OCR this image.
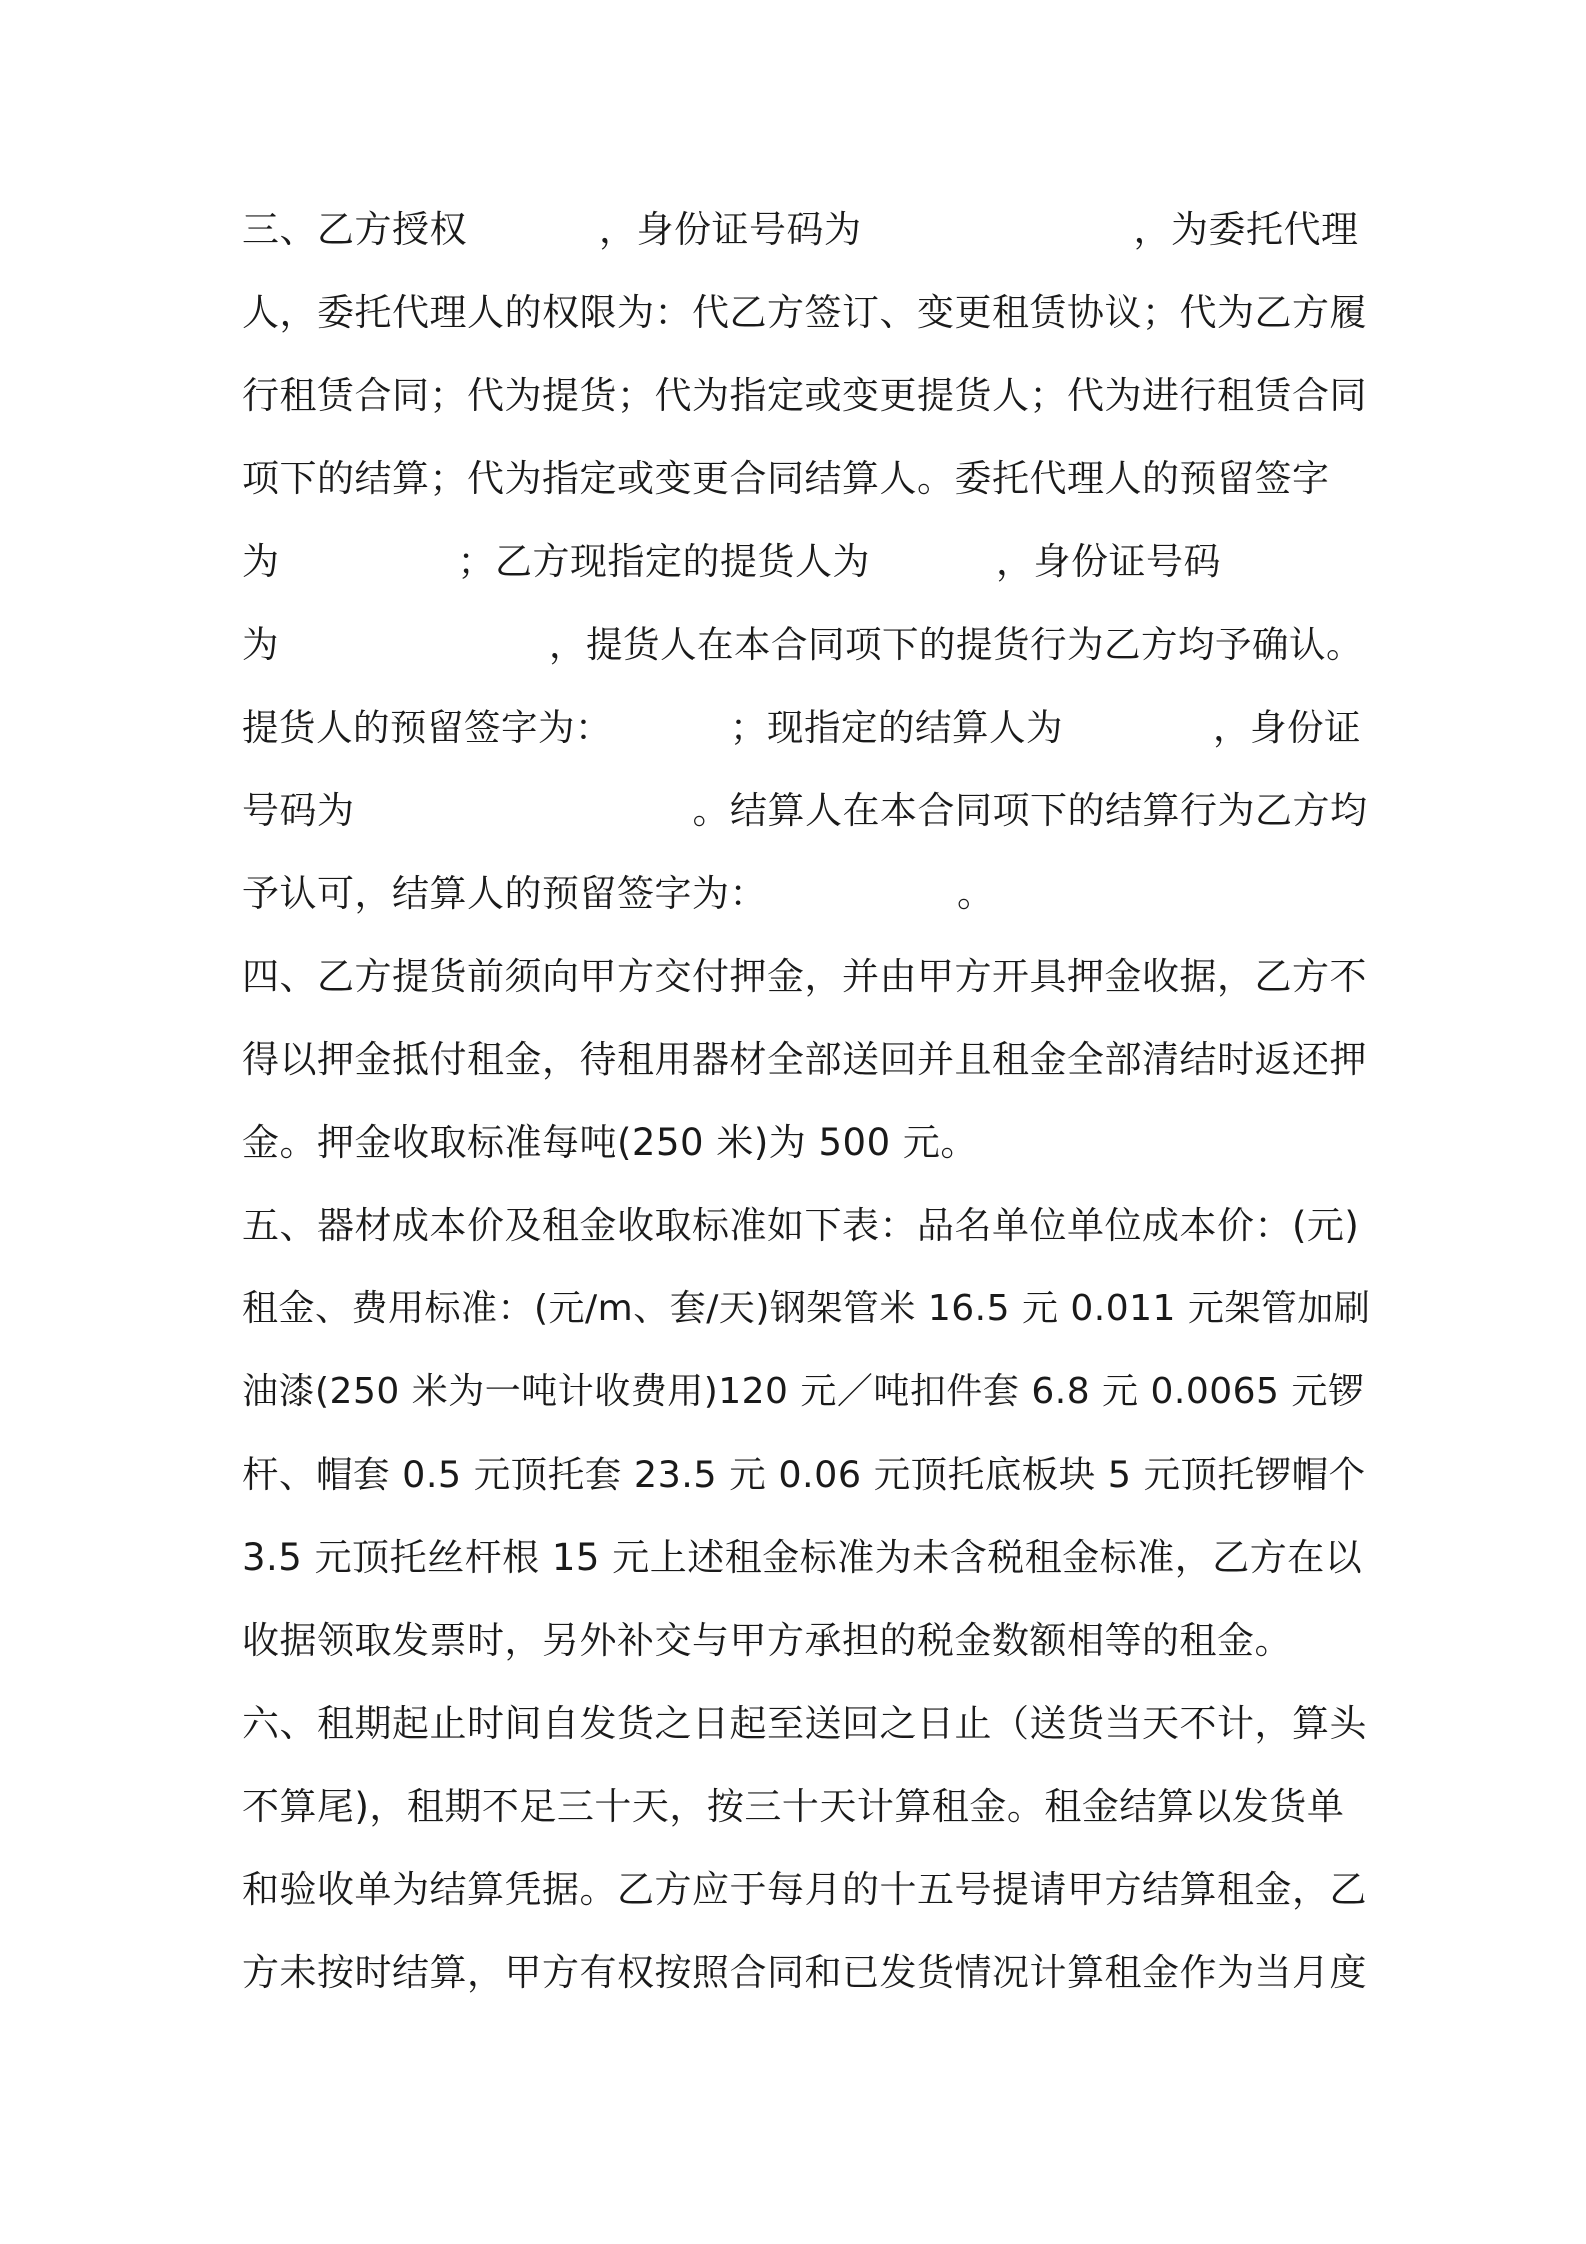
三、乙方授权	，身份证号码为	，为委托代理
人，委托代理人的权限为：代乙方签订、变更租赁协议；代为乙方履
行租赁合同；代为提货；代为指定或变更提货人；代为进行租赁合同
项下的结算；代为指定或变更合同结算人。委托代理人的预留签字
为	；乙方现指定的提货人为	，身份证号码
为	，提货人在本合同项下的提货行为乙方均予确认。
提货人的预留签字为：	；现指定的结算人为	，身份证
号码为	。结算人在本合同项下的结算行为乙方均
予认可，结算人的预留签字为：	。
四、乙方提货前须向甲方交付押金，并由甲方开具押金收据，乙方不
得以押金抵付租金，待租用器材全部送回并且租金全部清结时返还押
金。押金收取标准每吨(250 米)为 500 元。
五、器材成本价及租金收取标准如下表：品名单位单位成本价：(元)
租金、费用标准：(元/m、套/天)钢架管米 16.5 元 0.011 元架管加刷
油漆(250 米为一吨计收费用)120 元／吨扣件套 6.8 元 0.0065 元锣
杆、帽套 0.5 元顶托套 23.5 元 0.06 元顶托底板块 5 元顶托锣帽个
3.5 元顶托丝杆根 15 元上述租金标准为未含税租金标准，乙方在以
收据领取发票时，另外补交与甲方承担的税金数额相等的租金。
六、租期起止时间自发货之日起至送回之日止（送货当天不计，算头
不算尾)，租期不足三十天，按三十天计算租金。租金结算以发货单
和验收单为结算凭据。乙方应于每月的十五号提请甲方结算租金，乙
方未按时结算，甲方有权按照合同和已发货情况计算租金作为当月度
